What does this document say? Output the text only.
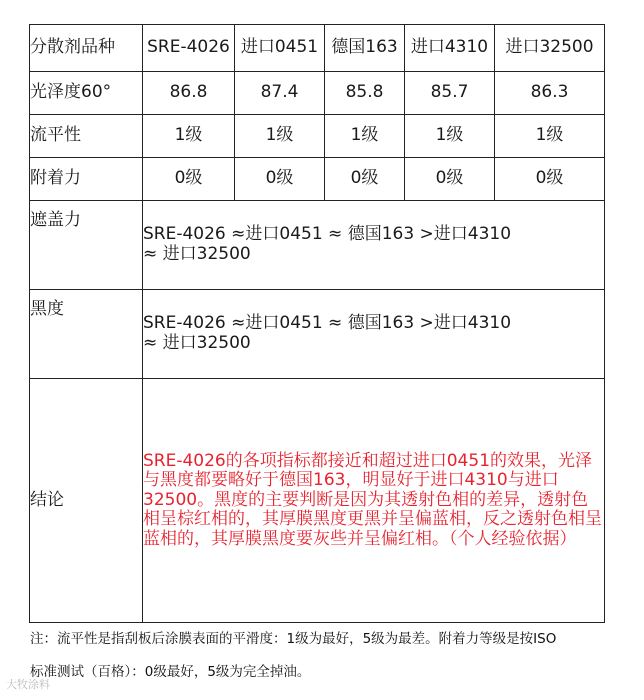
分散剂品种	SRE-4026	进口0451	德国163	进口4310	进口32500
光泽度60°	86.8	87.4	85.8	85.7	86.3
流平性	1级	1级	1级	1级	1级
附着力	0级	0级	0级	0级	0级
遮盖力	SRE-4026 ≈进口0451 ≈ 德国163 >进口4310
≈ 进口32500				

黑度	SRE-4026 ≈进口0451 ≈ 德国163 >进口4310
≈ 进口32500				

结论	SRE-4026的各项指标都接近和超过进口0451的效果，光泽与黑度都要略好于德国163，明显好于进口4310与进口32500。黑度的主要判断是因为其透射色相的差异，透射色相呈棕红相的，其厚膜黑度更黑并呈偏蓝相，反之透射色相呈蓝相的，其厚膜黑度要灰些并呈偏红相。（个人经验依据）				
注：流平性是指刮板后涂膜表面的平滑度：1级为最好，5级为最差。附着力等级是按ISO
标准测试（百格）：0级最好，5级为完全掉油。
大牧涂料
